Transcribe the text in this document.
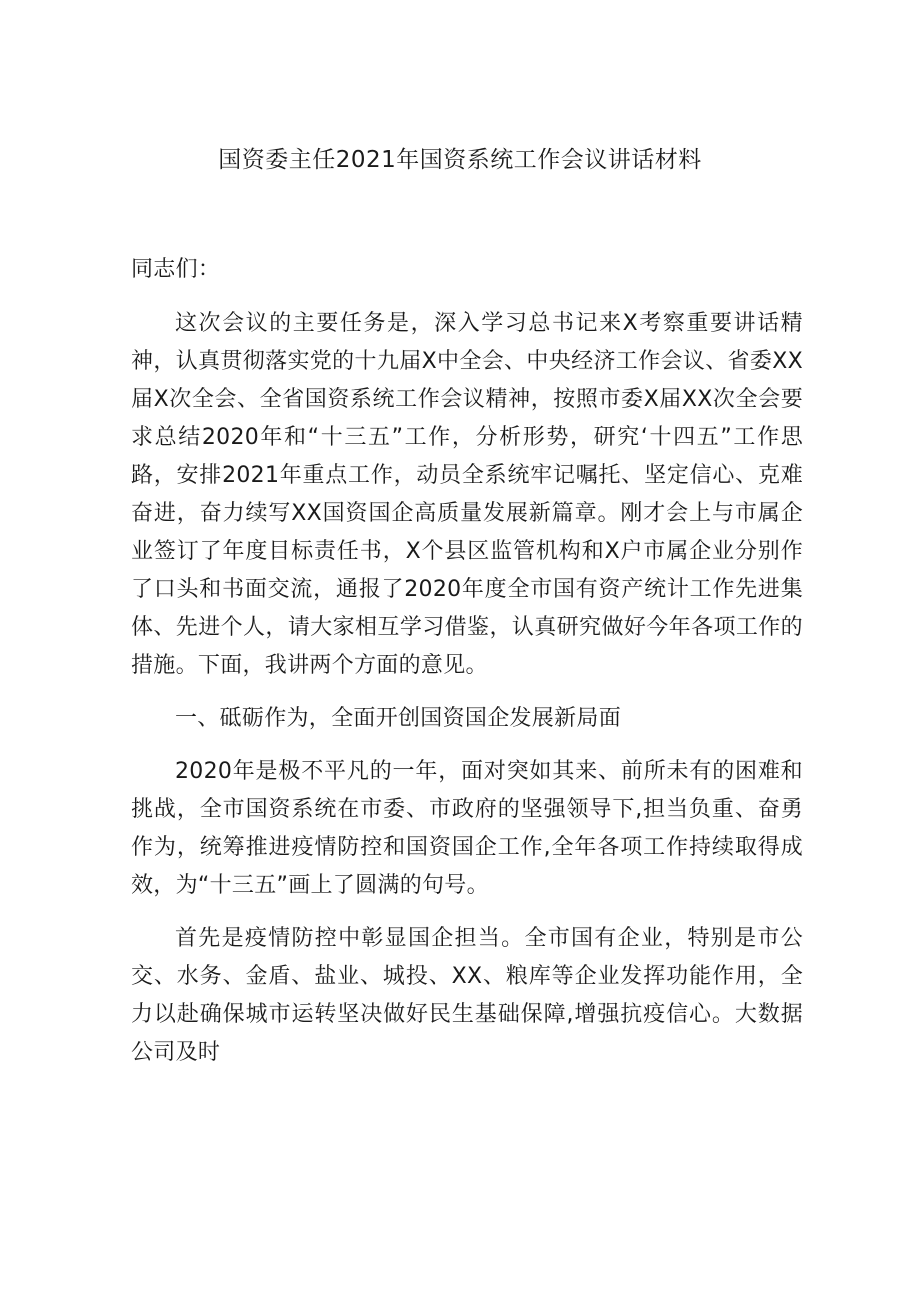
国资委主任2021年国资系统工作会议讲话材料

同志们：

这次会议的主要任务是，深入学习总书记来X考察重要讲话精神，认真贯彻落实党的十九届X中全会、中央经济工作会议、省委XX届X次全会、全省国资系统工作会议精神，按照市委X届XX次全会要求总结2020年和“十三五”工作，分析形势，研究‘十四五”工作思路，安排2021年重点工作，动员全系统牢记嘱托、坚定信心、克难奋进，奋力续写XX国资国企高质量发展新篇章。刚才会上与市属企业签订了年度目标责任书，X个县区监管机构和X户市属企业分别作了口头和书面交流，通报了2020年度全市国有资产统计工作先进集体、先进个人，请大家相互学习借鉴，认真研究做好今年各项工作的措施。下面，我讲两个方面的意见。

一、砥砺作为，全面开创国资国企发展新局面

2020年是极不平凡的一年，面对突如其来、前所未有的困难和挑战，全市国资系统在市委、市政府的坚强领导下,担当负重、奋勇作为，统筹推进疫情防控和国资国企工作,全年各项工作持续取得成效，为“十三五”画上了圆满的句号。

首先是疫情防控中彰显国企担当。全市国有企业，特别是市公交、水务、金盾、盐业、城投、XX、粮库等企业发挥功能作用，全力以赴确保城市运转坚决做好民生基础保障,增强抗疫信心。大数据公司及时
